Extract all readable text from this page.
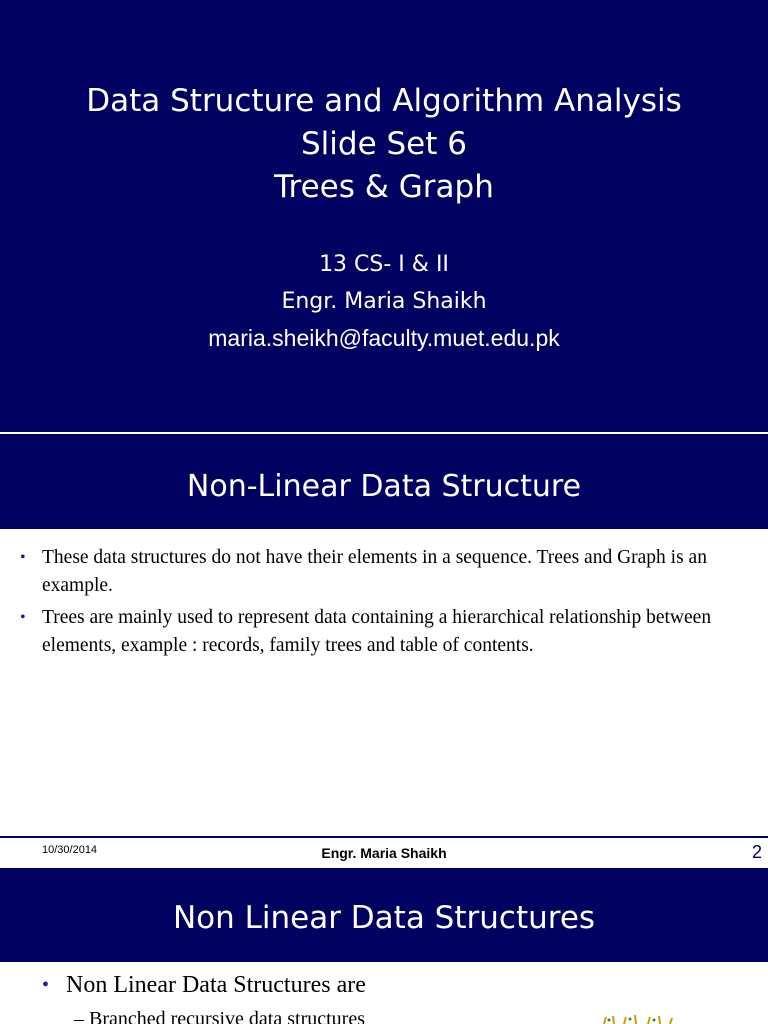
Data Structure and Algorithm Analysis
Slide Set 6
Trees & Graph
13 CS- I & II
Engr. Maria Shaikh
maria.sheikh@faculty.muet.edu.pk
Non-Linear Data Structure
• These data structures do not have their elements in a sequence. Trees and Graph is an example.
• Trees are mainly used to represent data containing a hierarchical relationship between elements, example : records, family trees and table of contents.
10/30/2014	Engr. Maria Shaikh	2
Non Linear Data Structures
• Non Linear Data Structures are
– Branched recursive data structures
